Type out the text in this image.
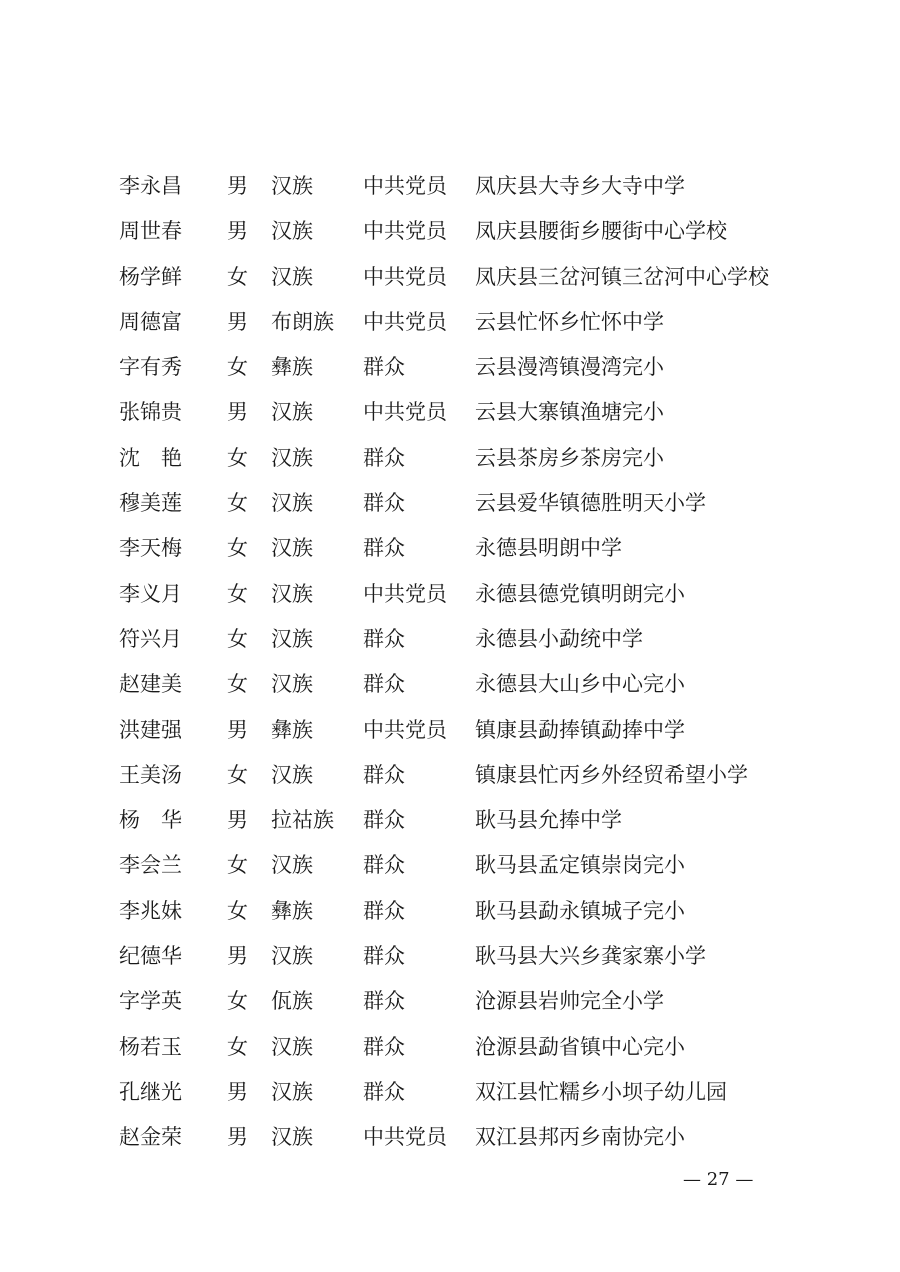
李永昌 男 汉族 中共党员 凤庆县大寺乡大寺中学
周世春 男 汉族 中共党员 凤庆县腰街乡腰街中心学校
杨学鲜 女 汉族 中共党员 凤庆县三岔河镇三岔河中心学校
周德富 男 布朗族 中共党员 云县忙怀乡忙怀中学
字有秀 女 彝族 群众	云县漫湾镇漫湾完小
张锦贵 男 汉族 中共党员 云县大寨镇渔塘完小
沈　艳 女 汉族 群众	云县茶房乡茶房完小
穆美莲 女 汉族 群众	云县爱华镇德胜明天小学
李天梅 女 汉族 群众	永德县明朗中学
李义月 女 汉族 中共党员 永德县德党镇明朗完小
符兴月 女 汉族 群众	永德县小勐统中学
赵建美 女 汉族 群众	永德县大山乡中心完小
洪建强 男 彝族 中共党员 镇康县勐捧镇勐捧中学
王美汤 女 汉族 群众	镇康县忙丙乡外经贸希望小学
杨　华 男 拉祜族 群众	耿马县允捧中学
李会兰 女 汉族 群众	耿马县孟定镇崇岗完小
李兆妹 女 彝族 群众	耿马县勐永镇城子完小
纪德华 男 汉族 群众	耿马县大兴乡龚家寨小学
字学英 女 佤族 群众	沧源县岩帅完全小学
杨若玉 女 汉族 群众	沧源县勐省镇中心完小
孔继光 男 汉族 群众	双江县忙糯乡小坝子幼儿园
赵金荣 男 汉族 中共党员 双江县邦丙乡南协完小
— 27 —
